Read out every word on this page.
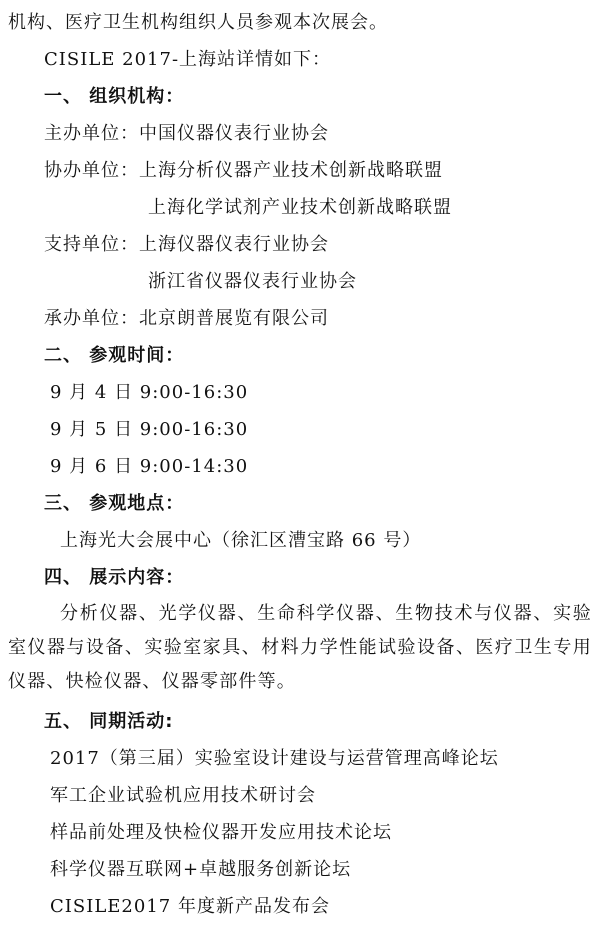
机构、医疗卫生机构组织人员参观本次展会。
CISILE 2017-上海站详情如下：
一、 组织机构：
主办单位：中国仪器仪表行业协会
协办单位：上海分析仪器产业技术创新战略联盟
上海化学试剂产业技术创新战略联盟
支持单位：上海仪器仪表行业协会
浙江省仪器仪表行业协会
承办单位：北京朗普展览有限公司
二、 参观时间：
9 月 4 日 9:00-16:30
9 月 5 日 9:00-16:30
9 月 6 日 9:00-14:30
三、 参观地点：
上海光大会展中心（徐汇区漕宝路 66 号）
四、 展示内容：
分析仪器、光学仪器、生命科学仪器、生物技术与仪器、实验室仪器与设备、实验室家具、材料力学性能试验设备、医疗卫生专用仪器、快检仪器、仪器零部件等。
五、 同期活动:
2017（第三届）实验室设计建设与运营管理高峰论坛
军工企业试验机应用技术研讨会
样品前处理及快检仪器开发应用技术论坛
科学仪器互联网+卓越服务创新论坛
CISILE2017 年度新产品发布会
